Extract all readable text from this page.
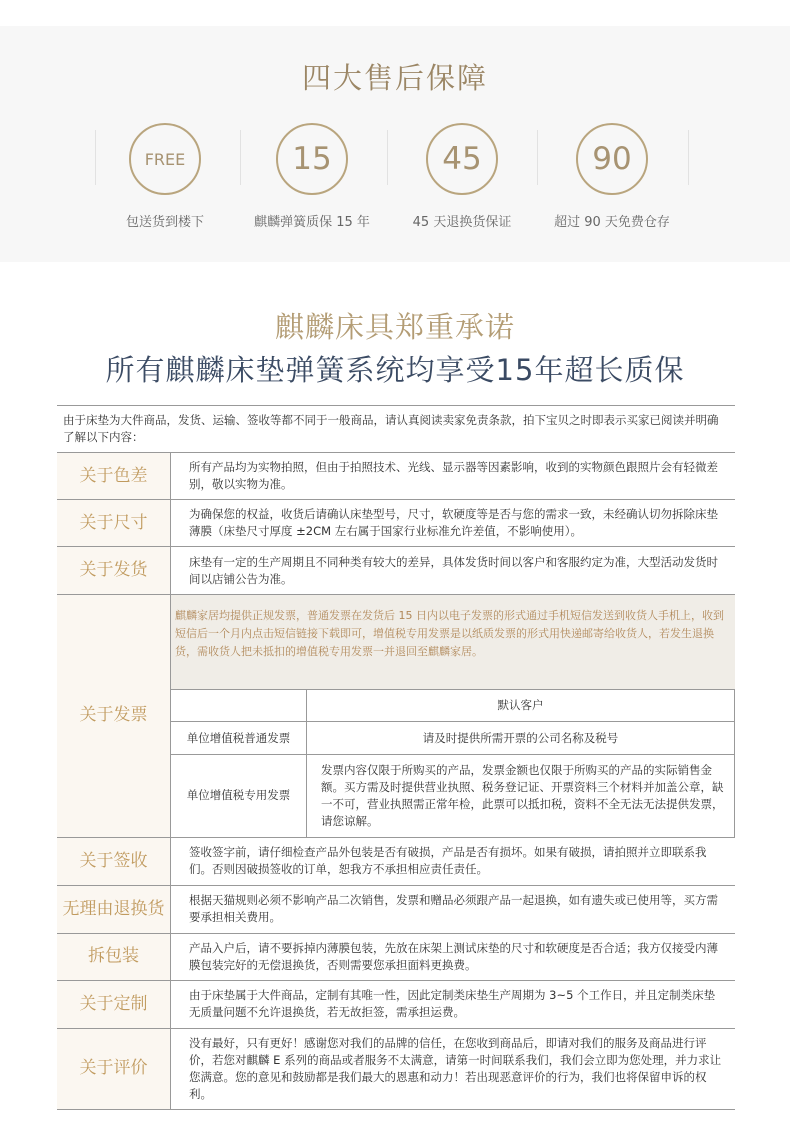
四大售后保障
FREE
包送货到楼下
15
麒麟弹簧质保 15 年
45
45 天退换货保证
90
超过 90 天免费仓存
麒麟床具郑重承诺
所有麒麟床垫弹簧系统均享受15年超长质保
由于床垫为大件商品，发货、运输、签收等都不同于一般商品，请认真阅读卖家免责条款，拍下宝贝之时即表示买家已阅读并明确了解以下内容：
关于色差	所有产品均为实物拍照，但由于拍照技术、光线、显示器等因素影响，收到的实物颜色跟照片会有轻微差别，敬以实物为准。
关于尺寸	为确保您的权益，收货后请确认床垫型号，尺寸，软硬度等是否与您的需求一致，未经确认切勿拆除床垫薄膜（床垫尺寸厚度 ±2CM 左右属于国家行业标准允许差值，不影响使用）。
关于发货	床垫有一定的生产周期且不同种类有较大的差异，具体发货时间以客户和客服约定为准，大型活动发货时间以店铺公告为准。
关于发票	
麒麟家居均提供正规发票，普通发票在发货后 15 日内以电子发票的形式通过手机短信发送到收货人手机上，收到短信后一个月内点击短信链接下载即可，增值税专用发票是以纸质发票的形式用快递邮寄给收货人，若发生退换货，需收货人把未抵扣的增值税专用发票一并退回至麒麟家居。
	默认客户
单位增值税普通发票	请及时提供所需开票的公司名称及税号
单位增值税专用发票	发票内容仅限于所购买的产品，发票金额也仅限于所购买的产品的实际销售金额。买方需及时提供营业执照、税务登记证、开票资料三个材料并加盖公章，缺一不可，营业执照需正常年检，此票可以抵扣税，资料不全无法无法提供发票，请您谅解。

关于签收	签收签字前，请仔细检查产品外包装是否有破损，产品是否有损坏。如果有破损，请拍照并立即联系我们。否则因破损签收的订单，恕我方不承担相应责任责任。
无理由退换货	根据天猫规则必须不影响产品二次销售，发票和赠品必须跟产品一起退换，如有遗失或已使用等，买方需要承担相关费用。
拆包装	产品入户后，请不要拆掉内薄膜包装，先放在床架上测试床垫的尺寸和软硬度是否合适；我方仅接受内薄膜包装完好的无偿退换货，否则需要您承担面料更换费。
关于定制	由于床垫属于大件商品，定制有其唯一性，因此定制类床垫生产周期为 3~5 个工作日，并且定制类床垫无质量问题不允许退换货，若无故拒签，需承担运费。
关于评价	没有最好，只有更好！感谢您对我们的品牌的信任，在您收到商品后，即请对我们的服务及商品进行评价，若您对麒麟 E 系列的商品或者服务不太满意，请第一时间联系我们，我们会立即为您处理，并力求让您满意。您的意见和鼓励都是我们最大的恩惠和动力！若出现恶意评价的行为，我们也将保留申诉的权利。
